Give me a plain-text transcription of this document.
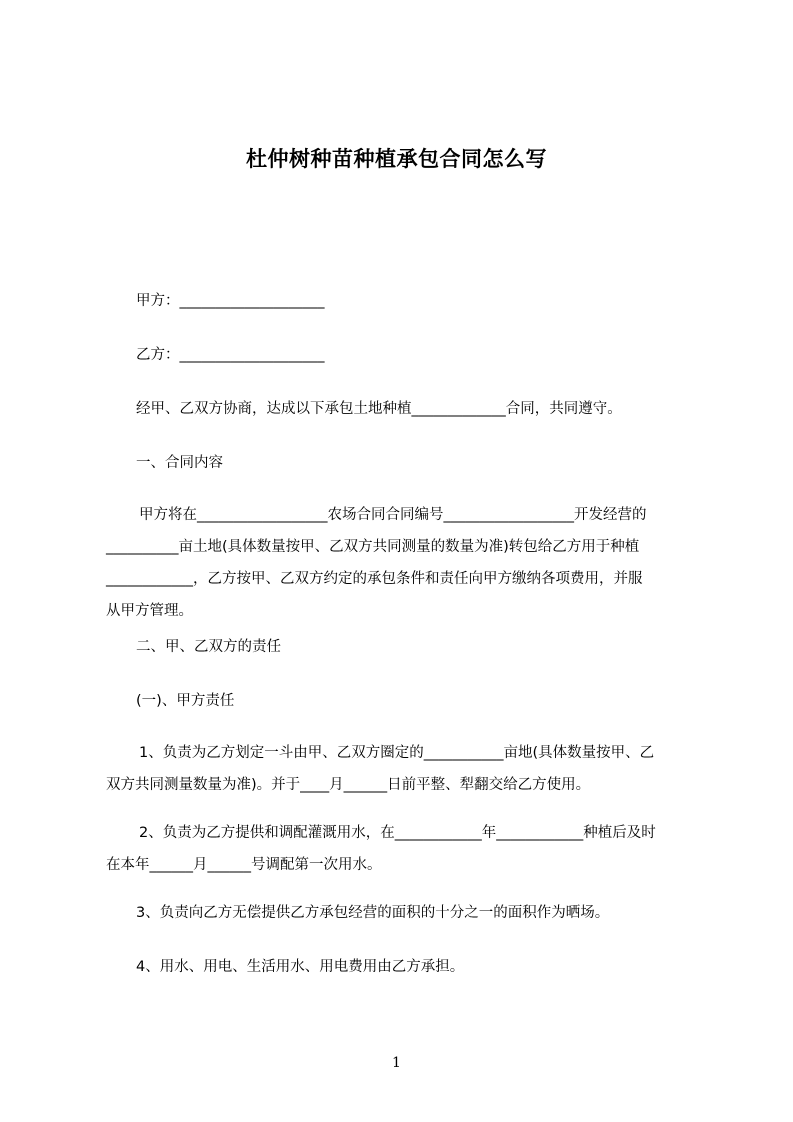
杜仲树种苗种植承包合同怎么写
甲方：____________________
乙方：____________________
经甲、乙双方协商，达成以下承包土地种植_____________合同，共同遵守。
一、合同内容
甲方将在__________________农场合同合同编号__________________开发经营的
__________亩土地(具体数量按甲、乙双方共同测量的数量为准)转包给乙方用于种植
____________，乙方按甲、乙双方约定的承包条件和责任向甲方缴纳各项费用，并服
从甲方管理。
二、甲、乙双方的责任
(一)、甲方责任
1、负责为乙方划定一斗由甲、乙双方圈定的___________亩地(具体数量按甲、乙
双方共同测量数量为准)。并于____月______日前平整、犁翻交给乙方使用。
2、负责为乙方提供和调配灌溉用水，在____________年____________种植后及时
在本年______月______号调配第一次用水。
3、负责向乙方无偿提供乙方承包经营的面积的十分之一的面积作为晒场。
4、用水、用电、生活用水、用电费用由乙方承担。
1
